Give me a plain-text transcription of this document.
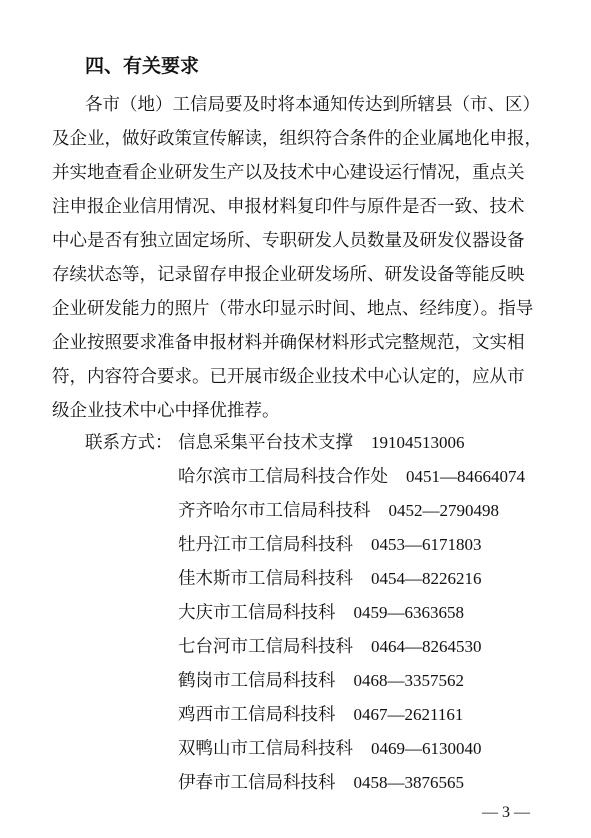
四、有关要求
各市（地）工信局要及时将本通知传达到所辖县（市、区）
及企业，做好政策宣传解读，组织符合条件的企业属地化申报，
并实地查看企业研发生产以及技术中心建设运行情况，重点关
注申报企业信用情况、申报材料复印件与原件是否一致、技术
中心是否有独立固定场所、专职研发人员数量及研发仪器设备
存续状态等，记录留存申报企业研发场所、研发设备等能反映
企业研发能力的照片（带水印显示时间、地点、经纬度）。指导
企业按照要求准备申报材料并确保材料形式完整规范，文实相
符，内容符合要求。已开展市级企业技术中心认定的，应从市
级企业技术中心中择优推荐。
联系方式： 信息采集平台技术支撑 19104513006
哈尔滨市工信局科技合作处 0451—84664074
齐齐哈尔市工信局科技科 0452—2790498
牡丹江市工信局科技科 0453—6171803
佳木斯市工信局科技科 0454—8226216
大庆市工信局科技科 0459—6363658
七台河市工信局科技科 0464—8264530
鹤岗市工信局科技科 0468—3357562
鸡西市工信局科技科 0467—2621161
双鸭山市工信局科技科 0469—6130040
伊春市工信局科技科 0458—3876565
— 3 —
